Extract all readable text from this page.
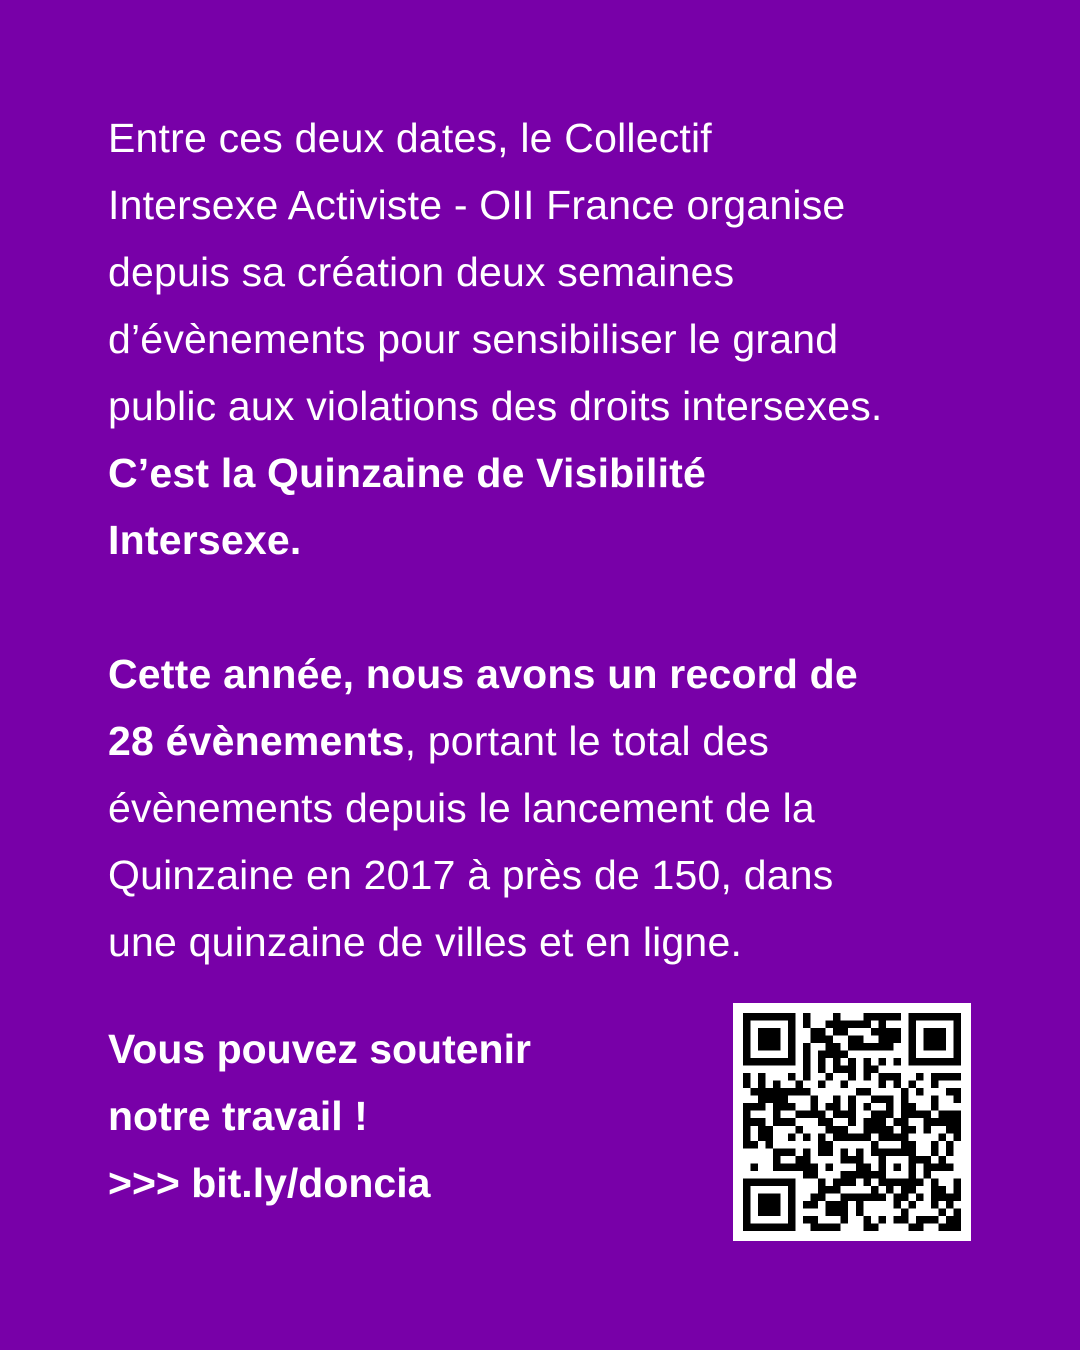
Entre ces deux dates, le Collectif
Intersexe Activiste - OII France organise
depuis sa création deux semaines
d’évènements pour sensibiliser le grand
public aux violations des droits intersexes.
C’est la Quinzaine de Visibilité
Intersexe.
Cette année, nous avons un record de
28 évènements, portant le total des
évènements depuis le lancement de la
Quinzaine en 2017 à près de 150, dans
une quinzaine de villes et en ligne.
Vous pouvez soutenir
notre travail !
>>> bit.ly/doncia
